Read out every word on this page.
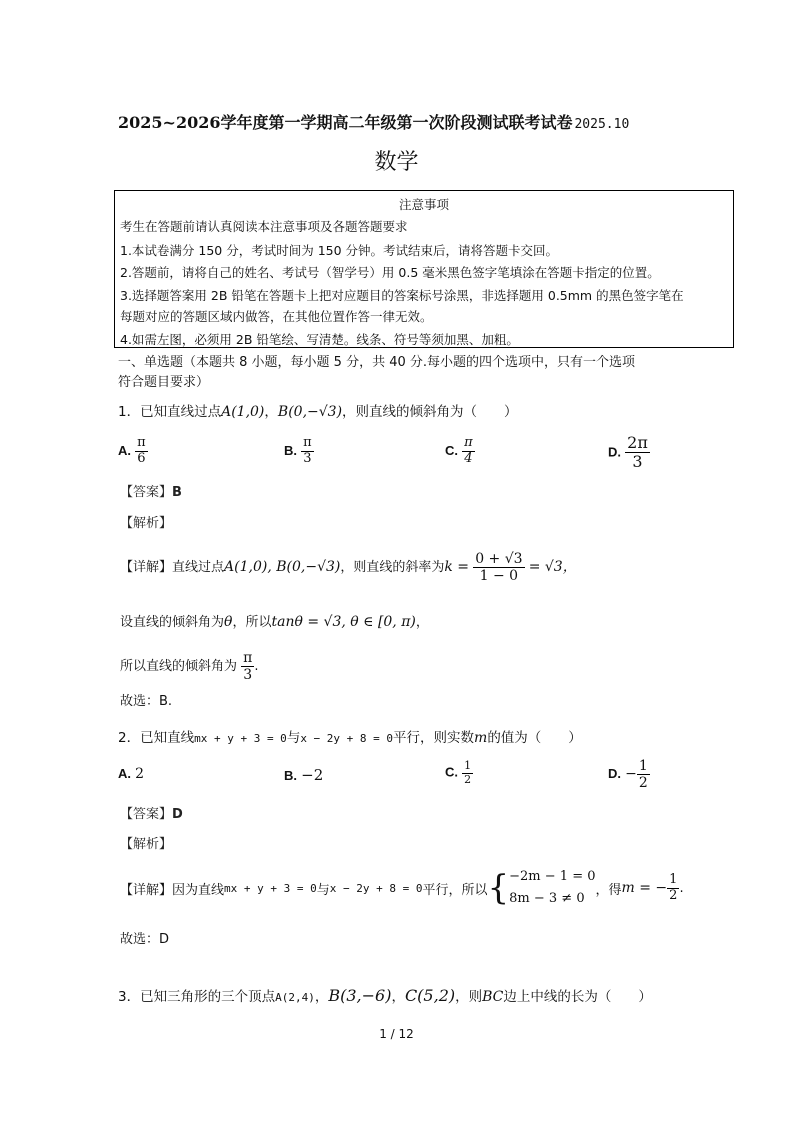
2025~2026学年度第一学期高二年级第一次阶段测试联考试卷 2025.10
数学
注意事项
考生在答题前请认真阅读本注意事项及各题答题要求
1.本试卷满分 150 分，考试时间为 150 分钟。考试结束后，请将答题卡交回。
2.答题前，请将自己的姓名、考试号（智学号）用 0.5 毫米黑色签字笔填涂在答题卡指定的位置。
3.选择题答案用 2B 铅笔在答题卡上把对应题目的答案标号涂黑，非选择题用 0.5mm 的黑色签字笔在
每题对应的答题区域内做答，在其他位置作答一律无效。
4.如需左图，必须用 2B 铅笔绘、写清楚。线条、符号等须加黑、加粗。
一、单选题（本题共 8 小题，每小题 5 分，共 40 分.每小题的四个选项中，只有一个选项
符合题目要求）
1．已知直线过点A(1,0)，B(0,−√3)，则直线的倾斜角为（　　）
A. $\frac{\pi}{6}$	B. $\frac{\pi}{3}$	C. $\frac{\pi}{4}$	D. $\frac{2\pi}{3}$
【答案】B
【解析】
【详解】直线过点A(1,0), B(0,−√3)，则直线的斜率为$k = \frac{0 + √3}{1 - 0} = √3$，
设直线的倾斜角为θ，所以tanθ = √3, θ ∈ [0, π)，
所以直线的倾斜角为 $\frac{\pi}{3}$ .
故选：B.
2．已知直线mx + y + 3 = 0与x − 2y + 8 = 0平行，则实数m的值为（　　）
A. 2	B. −2	C. $\frac{1}{2}$	D. − $\frac{1}{2}$
【答案】D
【解析】
【详解】 因为直线 mx + y + 3 = 0 与 x − 2y + 8 = 0 平行，所以 { −2m − 1 = 0
8m − 3 ≠ 0
，得 m = − $\frac{1}{2}$ .
故选：D
3．已知三角形的三个顶点A(2,4)，B(3,−6)，C(5,2)，则BC边上中线的长为（　　）
1 / 12
